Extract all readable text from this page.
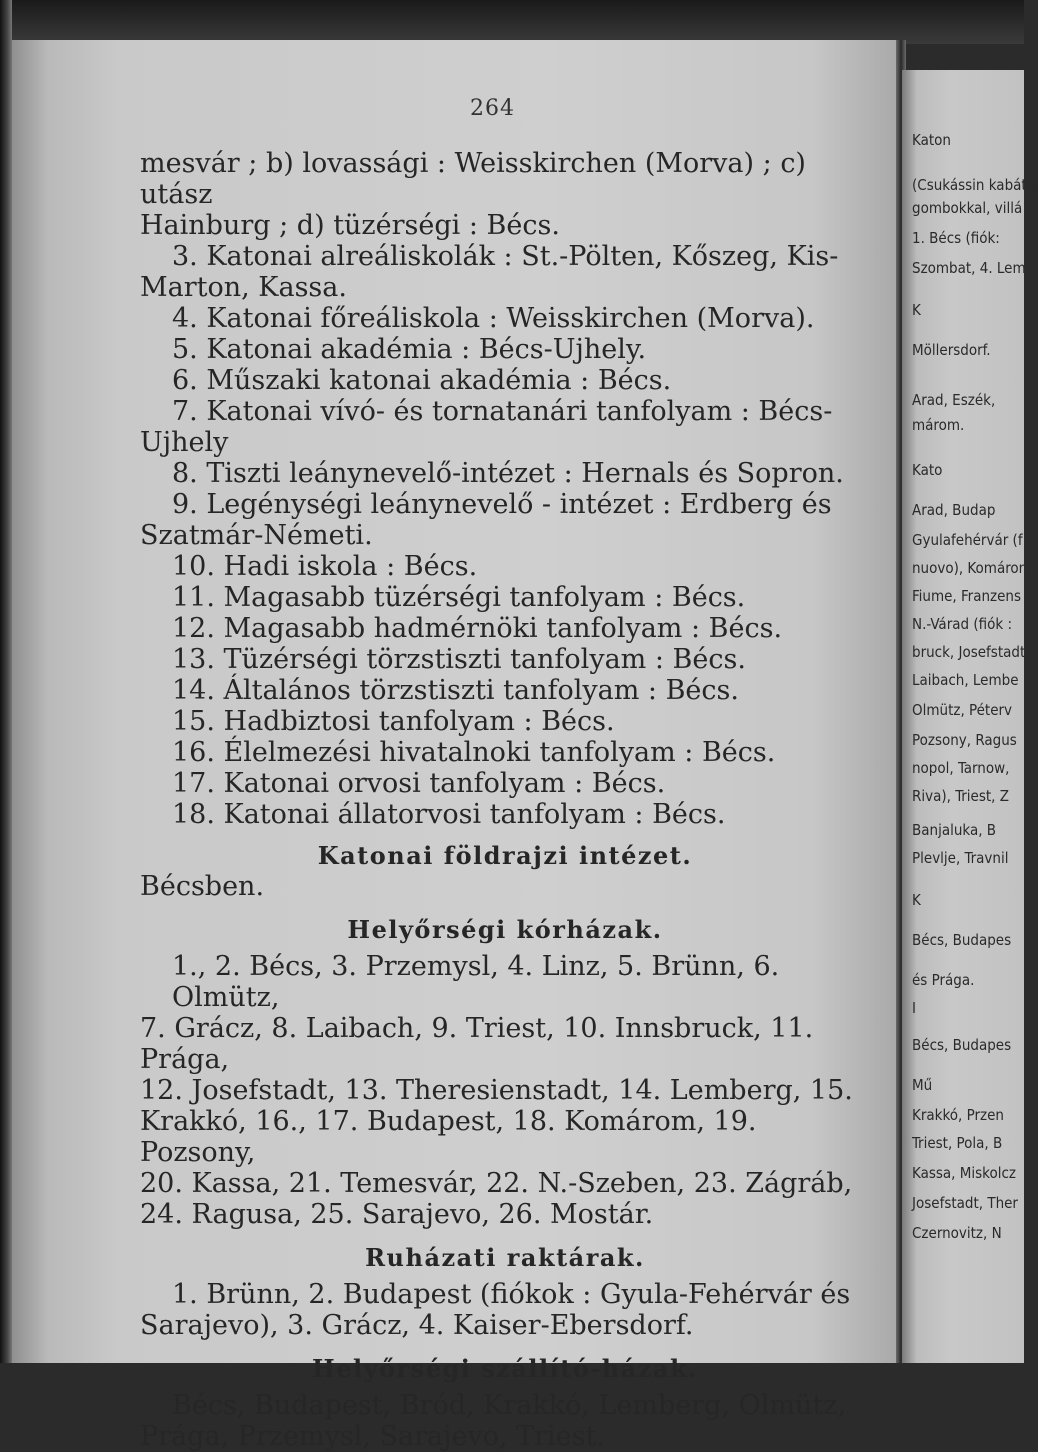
Katon
(Csukássin kabát s
gombokkal, villá
1. Bécs (fiók:
Szombat, 4. Lem
K
Möllersdorf.
Arad, Eszék,
márom.
Kato
Arad, Budap
Gyulafehérvár (f
nuovo), Komáron
Fiume, Franzens
N.-Várad (fiók :
bruck, Josefstadt
Laibach, Lembe
Olmütz, Péterv
Pozsony, Ragus
nopol, Tarnow,
Riva), Triest, Z
Banjaluka, B
Plevlje, Travnil
K
Bécs, Budapes
és Prága.
I
Bécs, Budapes
Mű
Krakkó, Przen
Triest, Pola, B
Kassa, Miskolcz
Josefstadt, Ther
Czernovitz, N
264

mesvár ; b) lovassági : Weisskirchen (Morva) ; c) utász

Hainburg ; d) tüzérségi : Bécs.

3. Katonai alreáliskolák : St.-Pölten, Kőszeg, Kis-

Marton, Kassa.

4. Katonai főreáliskola : Weisskirchen (Morva).

5. Katonai akadémia : Bécs-Ujhely.

6. Műszaki katonai akadémia : Bécs.

7. Katonai vívó- és tornatanári tanfolyam : Bécs-

Ujhely

8. Tiszti leánynevelő-intézet : Hernals és Sopron.

9. Legénységi leánynevelő - intézet : Erdberg és

Szatmár-Németi.

10. Hadi iskola : Bécs.

11. Magasabb tüzérségi tanfolyam : Bécs.

12. Magasabb hadmérnöki tanfolyam : Bécs.

13. Tüzérségi törzstiszti tanfolyam : Bécs.

14. Általános törzstiszti tanfolyam : Bécs.

15. Hadbiztosi tanfolyam : Bécs.

16. Élelmezési hivatalnoki tanfolyam : Bécs.

17. Katonai orvosi tanfolyam : Bécs.

18. Katonai állatorvosi tanfolyam : Bécs.

Katonai földrajzi intézet.

Bécsben.

Helyőrségi kórházak.

1., 2. Bécs, 3. Przemysl, 4. Linz, 5. Brünn, 6. Olmütz,

7. Grácz, 8. Laibach, 9. Triest, 10. Innsbruck, 11. Prága,

12. Josefstadt, 13. Theresienstadt, 14. Lemberg, 15.

Krakkó, 16., 17. Budapest, 18. Komárom, 19. Pozsony,

20. Kassa, 21. Temesvár, 22. N.-Szeben, 23. Zágráb,

24. Ragusa, 25. Sarajevo, 26. Mostár.

Ruházati raktárak.

1. Brünn, 2. Budapest (fiókok : Gyula-Fehérvár és

Sarajevo), 3. Grácz, 4. Kaiser-Ebersdorf.

Helyőrségi szállító-házak.

Bécs, Budapest, Bród, Krakkó, Lemberg, Olmütz,

Prága, Przemysl, Sarajevo, Triest.
